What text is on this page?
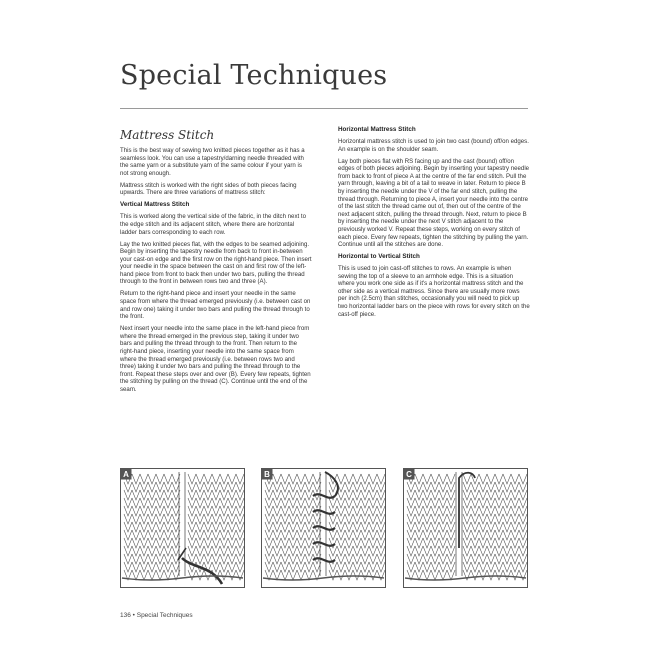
Special Techniques
Mattress Stitch

This is the best way of sewing two knitted pieces together as it has a seamless look. You can use a tapestry/darning needle threaded with the same yarn or a substitute yarn of the same colour if your yarn is not strong enough.

Mattress stitch is worked with the right sides of both pieces facing upwards. There are three variations of mattress stitch:

Vertical Mattress Stitch

This is worked along the vertical side of the fabric, in the ditch next to the edge stitch and its adjacent stitch, where there are horizontal ladder bars corresponding to each row.

Lay the two knitted pieces flat, with the edges to be seamed adjoining. Begin by inserting the tapestry needle from back to front in-between your cast-on edge and the first row on the right-hand piece. Then insert your needle in the space between the cast on and first row of the left-hand piece from front to back then under two bars, pulling the thread through to the front in between rows two and three (A).

Return to the right-hand piece and insert your needle in the same space from where the thread emerged previously (i.e. between cast on and row one) taking it under two bars and pulling the thread through to the front.

Next insert your needle into the same place in the left-hand piece from where the thread emerged in the previous step, taking it under two bars and pulling the thread through to the front. Then return to the right-hand piece, inserting your needle into the same space from where the thread emerged previously (i.e. between rows two and three) taking it under two bars and pulling the thread through to the front. Repeat these steps over and over (B). Every few repeats, tighten the stitching by pulling on the thread (C). Continue until the end of the seam.

Horizontal Mattress Stitch

Horizontal mattress stitch is used to join two cast (bound) off/on edges. An example is on the shoulder seam.

Lay both pieces flat with RS facing up and the cast (bound) off/on edges of both pieces adjoining. Begin by inserting your tapestry needle from back to front of piece A at the centre of the far end stitch. Pull the yarn through, leaving a bit of a tail to weave in later. Return to piece B by inserting the needle under the V of the far end stitch, pulling the thread through. Returning to piece A, insert your needle into the centre of the last stitch the thread came out of, then out of the centre of the next adjacent stitch, pulling the thread through. Next, return to piece B by inserting the needle under the next V stitch adjacent to the previously worked V. Repeat these steps, working on every stitch of each piece. Every few repeats, tighten the stitching by pulling the yarn. Continue until all the stitches are done.

Horizontal to Vertical Stitch

This is used to join cast-off stitches to rows. An example is when sewing the top of a sleeve to an armhole edge. This is a situation where you work one side as if it's a horizontal mattress stitch and the other side as a vertical mattress. Since there are usually more rows per inch (2.5cm) than stitches, occasionally you will need to pick up two horizontal ladder bars on the piece with rows for every stitch on the cast-off piece.

A	B	C
136 • Special Techniques
